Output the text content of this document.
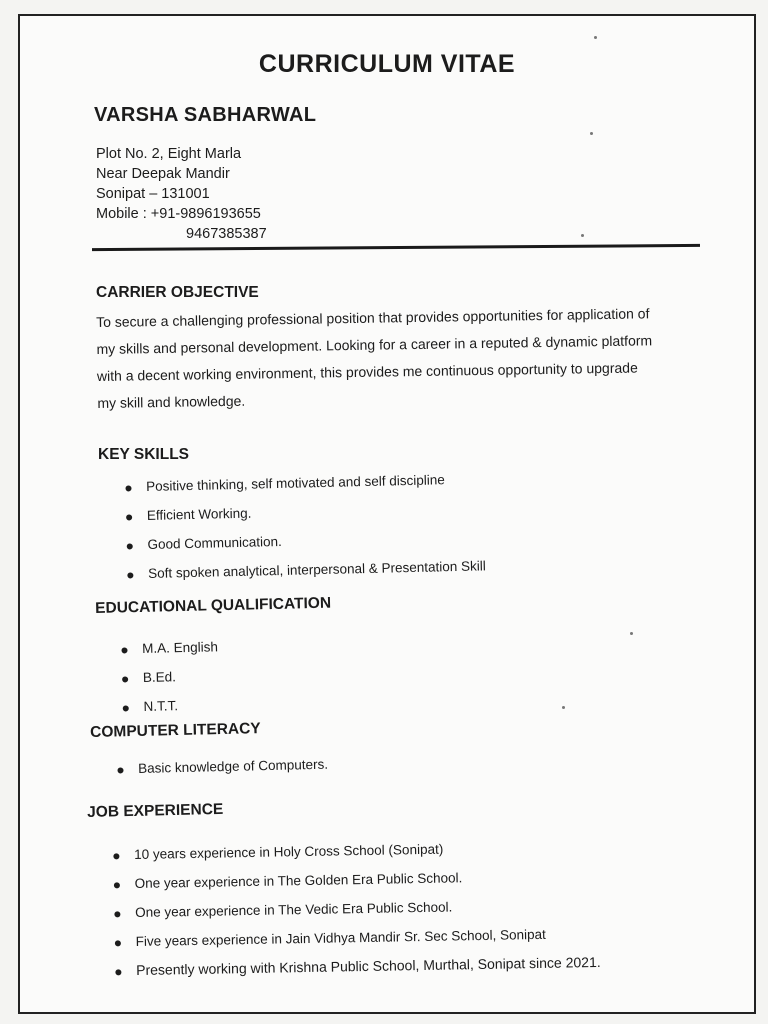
CURRICULUM VITAE
VARSHA SABHARWAL

Plot No. 2, Eight Marla

Near Deepak Mandir

Sonipat – 131001

Mobile : +91-9896193655

9467385387

CARRIER OBJECTIVE

To secure a challenging professional position that provides opportunities for application of

my skills and personal development. Looking for a career in a reputed & dynamic platform

with a decent working environment, this provides me continuous opportunity to upgrade

my skill and knowledge.

KEY SKILLS
● Positive thinking, self motivated and self discipline
● Efficient Working.
● Good Communication.
● Soft spoken analytical, interpersonal & Presentation Skill
EDUCATIONAL QUALIFICATION
● M.A. English
● B.Ed.
● N.T.T.
COMPUTER LITERACY
● Basic knowledge of Computers.
JOB EXPERIENCE
● 10 years experience in Holy Cross School (Sonipat)
● One year experience in The Golden Era Public School.
● One year experience in The Vedic Era Public School.
● Five years experience in Jain Vidhya Mandir Sr. Sec School, Sonipat
● Presently working with Krishna Public School, Murthal, Sonipat since 2021.
